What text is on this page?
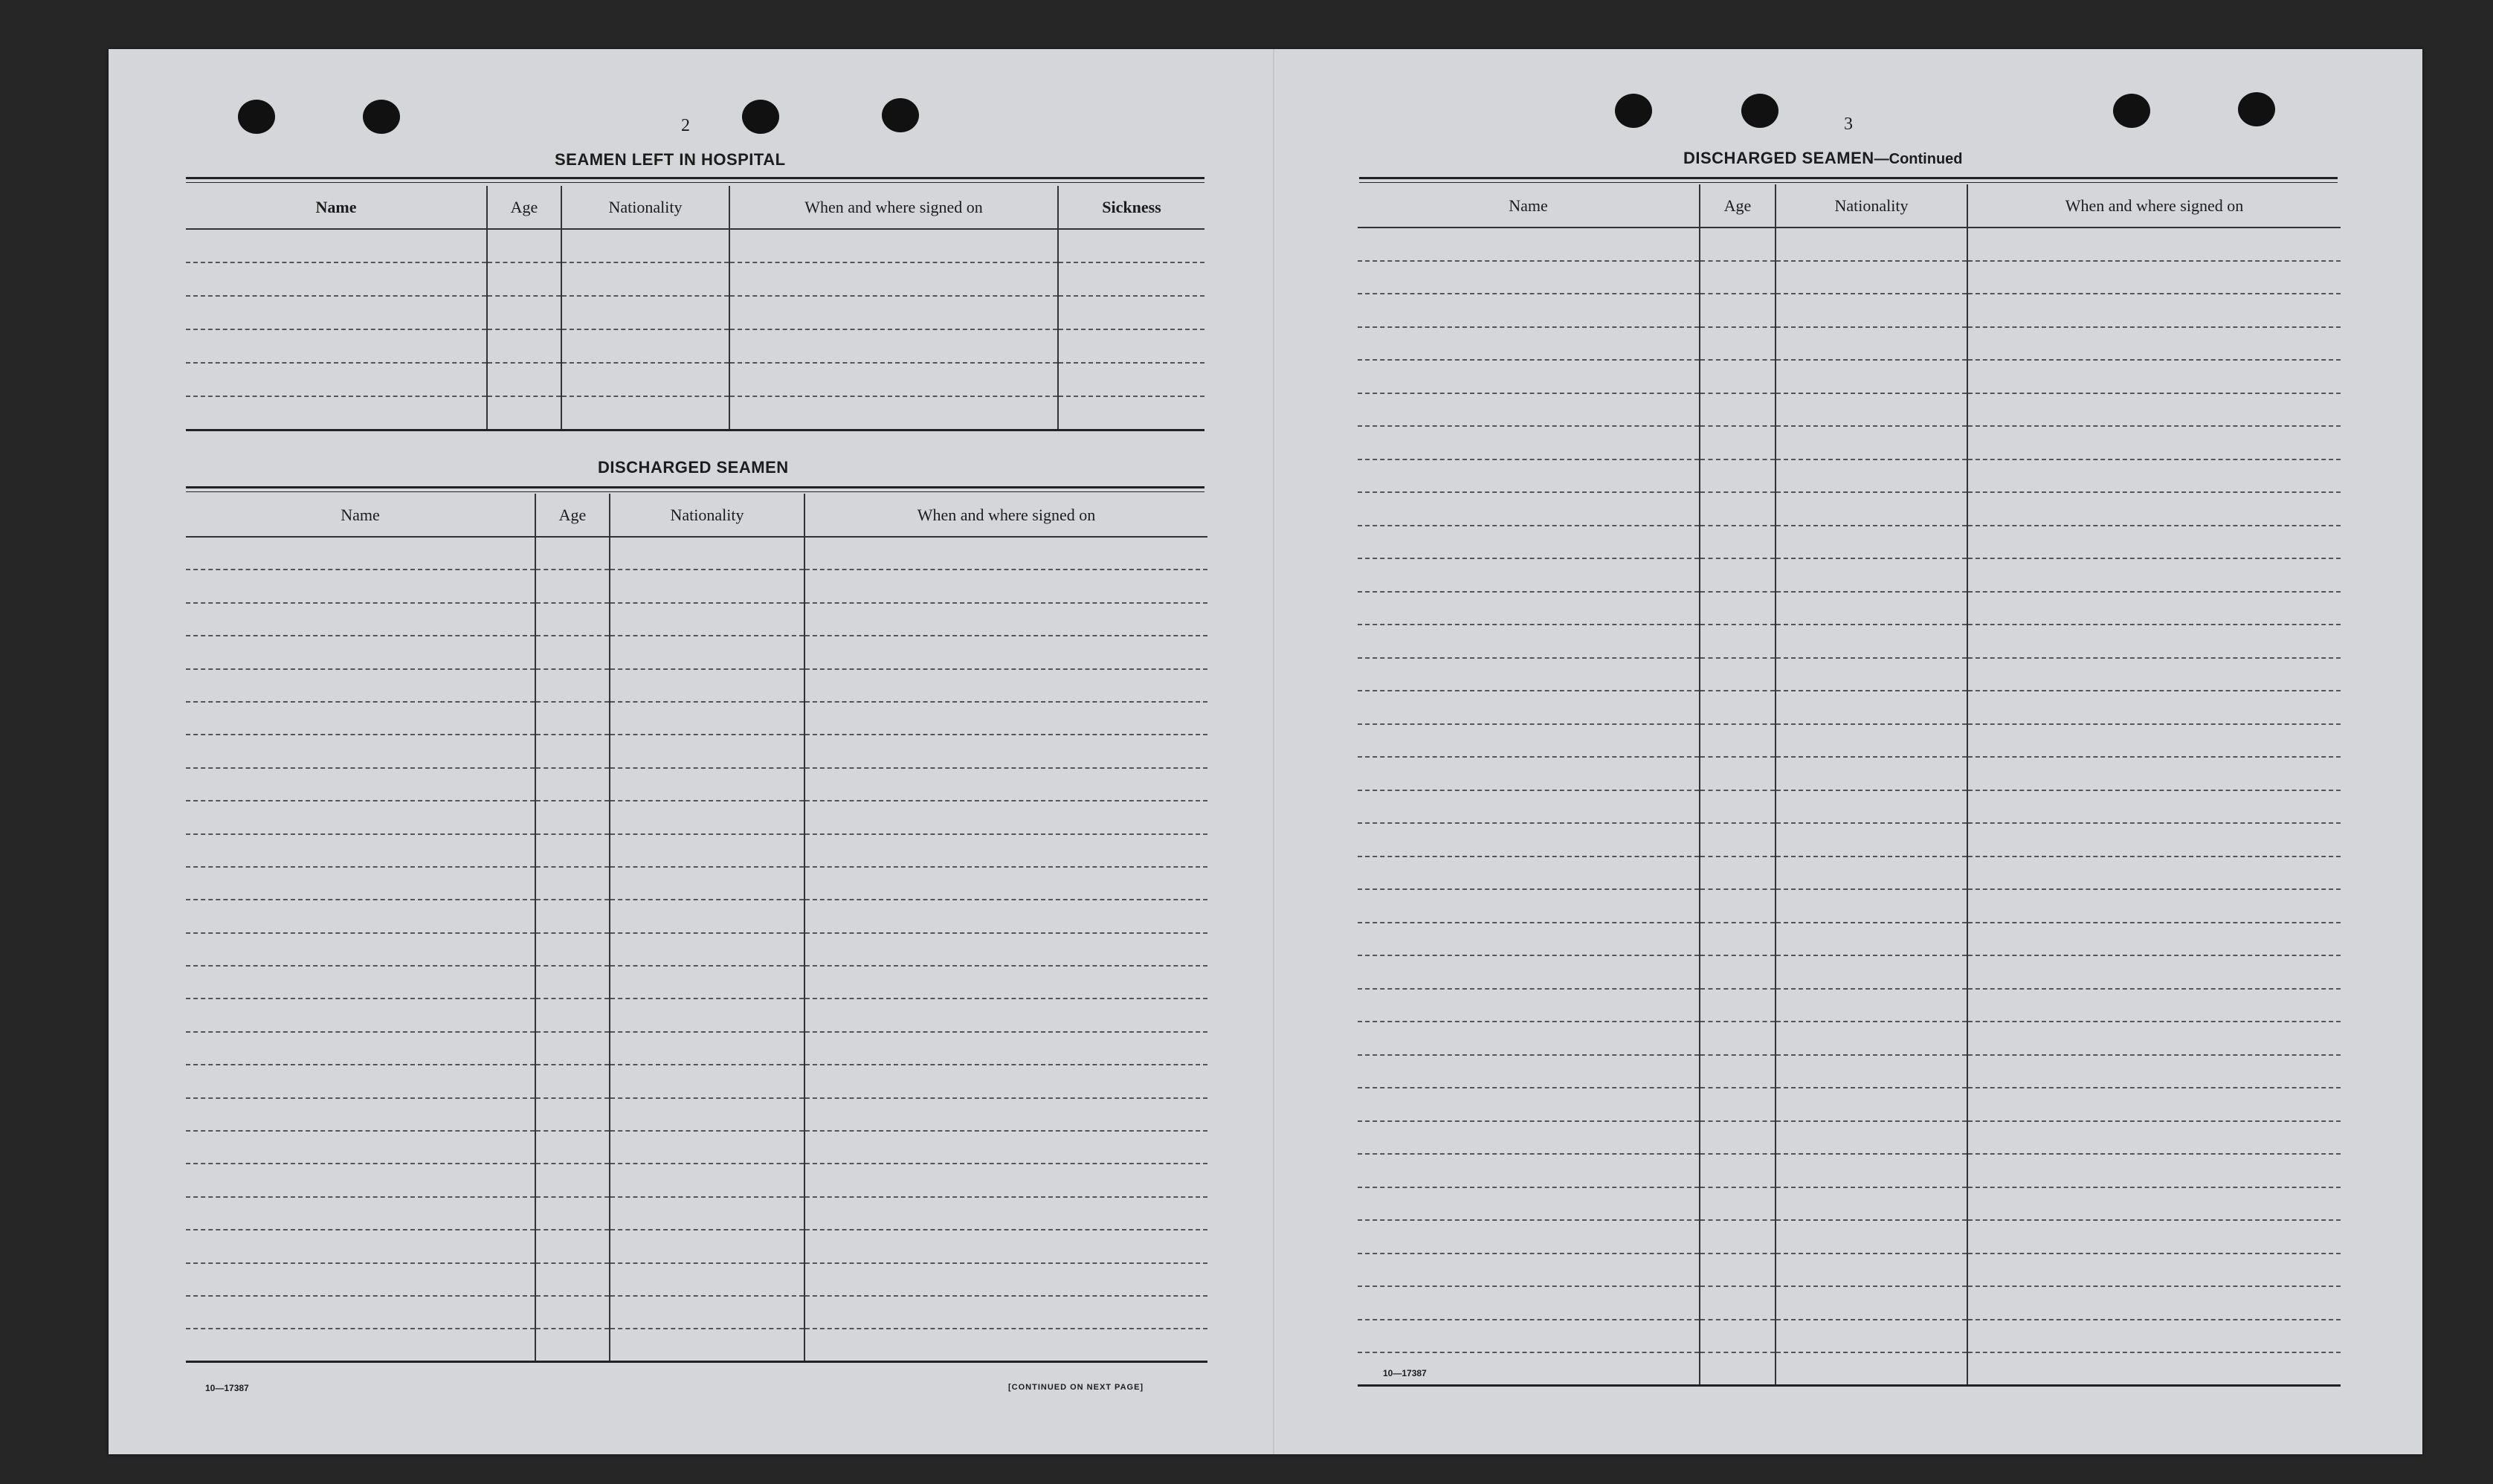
2
SEAMEN LEFT IN HOSPITAL
Name	Age	Nationality	When and where signed on	Sickness

DISCHARGED SEAMEN
Name	Age	Nationality	When and where signed on

10—17387	[CONTINUED ON NEXT PAGE]
3
DISCHARGED SEAMEN—Continued
Name	Age	Nationality	When and where signed on

10—17387
